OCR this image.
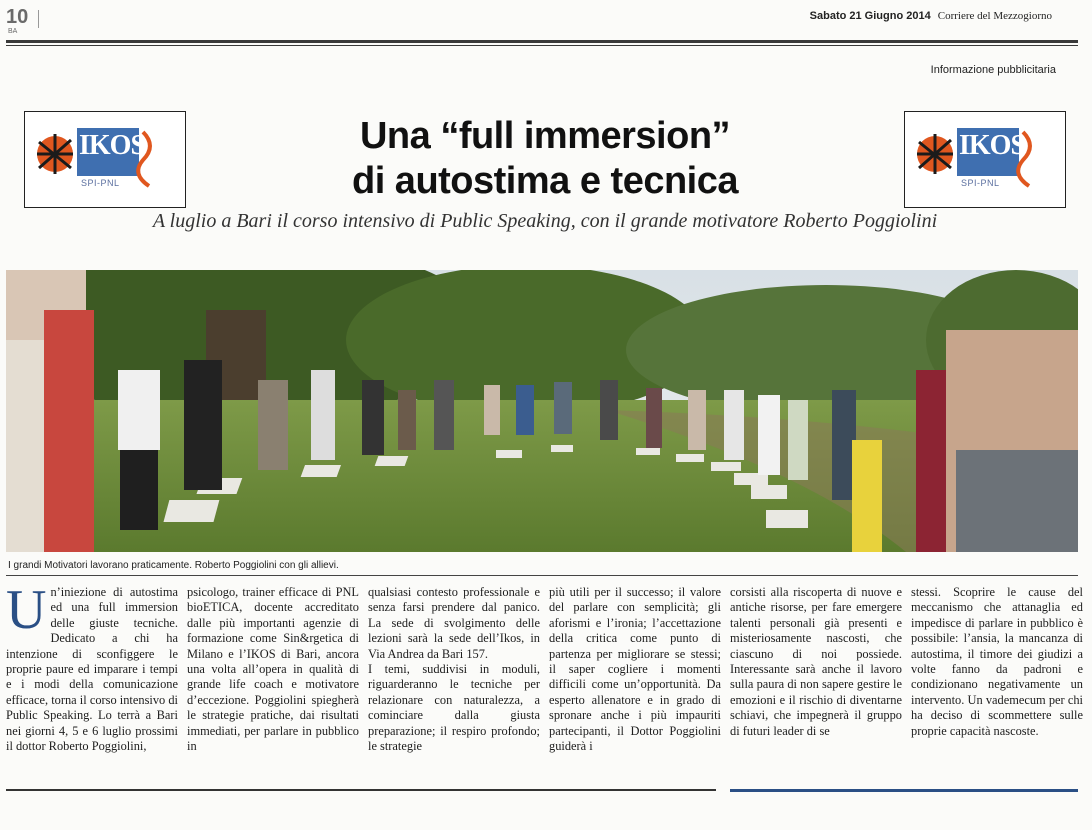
10
BA
Sabato 21 Giugno 2014 Corriere del Mezzogiorno
Informazione pubblicitaria
IKOS
SPI-PNL
IKOS
SPI-PNL
Una “full immersion”
di autostima e tecnica
A luglio a Bari il corso intensivo di Public Speaking, con il grande motivatore Roberto Poggiolini
I grandi Motivatori lavorano praticamente. Roberto Poggiolini con gli allievi.
Un’iniezione di autostima ed una full immersion delle giuste tecniche. Dedicato a chi ha intenzione di sconfiggere le proprie paure ed imparare i tempi e i modi della comunicazione efficace, torna il corso intensivo di Public Speaking. Lo terrà a Bari nei giorni 4, 5 e 6 luglio prossimi il dottor Roberto Poggiolini,
psicologo, trainer efficace di PNL bioETICA, docente accreditato dalle più importanti agenzie di formazione come Sin&rgetica di Milano e l’IKOS di Bari, ancora una volta all’opera in qualità di grande life coach e motivatore d’eccezione. Poggiolini spiegherà le strategie pratiche, dai risultati immediati, per parlare in pubblico in
qualsiasi contesto professionale e senza farsi prendere dal panico. La sede di svolgimento delle lezioni sarà la sede dell’Ikos, in Via Andrea da Bari 157.
I temi, suddivisi in moduli, riguarderanno le tecniche per relazionare con naturalezza, a cominciare dalla giusta preparazione; il respiro profondo; le strategie
più utili per il successo; il valore del parlare con semplicità; gli aforismi e l’ironia; l’accettazione della critica come punto di partenza per migliorare se stessi; il saper cogliere i momenti difficili come un’opportunità. Da esperto allenatore e in grado di spronare anche i più impauriti partecipanti, il Dottor Poggiolini guiderà i
corsisti alla riscoperta di nuove e antiche risorse, per fare emergere talenti personali già presenti e misteriosamente nascosti, che ciascuno di noi possiede. Interessante sarà anche il lavoro sulla paura di non sapere gestire le emozioni e il rischio di diventarne schiavi, che impegnerà il gruppo di futuri leader di se
stessi. Scoprire le cause del meccanismo che attanaglia ed impedisce di parlare in pubblico è possibile: l’ansia, la mancanza di autostima, il timore dei giudizi a volte fanno da padroni e condizionano negativamente un intervento. Un vademecum per chi ha deciso di scommettere sulle proprie capacità nascoste.
